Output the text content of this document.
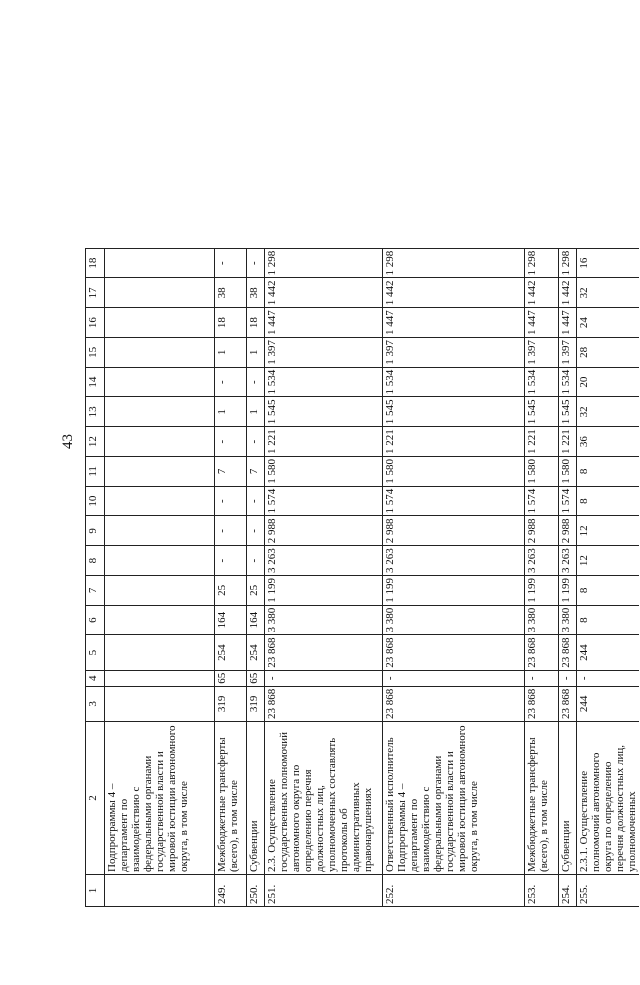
43
1	2	3	4	5	6	7	8	9	10	11	12	13	14	15	16	17	18
	Подпрограммы 4 – департамент по взаимодействию с федеральными органами государственной власти и мировой юстиции автономного округа, в том числе																
249.	Межбюджетные трансферты (всего), в том числе	319	65	254	164	25	-	-	-	7	-	1	-	1	18	38	-
250.	Субвенции	319	65	254	164	25	-	-	-	7	-	1	-	1	18	38	-
251.	2.3. Осуществление государственных полномочий автономного округа по определению перечня должностных лиц, уполномоченных составлять протоколы об административных правонарушениях	23 868	-	23 868	3 380	1 199	3 263	2 988	1 574	1 580	1 221	1 545	1 534	1 397	1 447	1 442	1 298
252.	Ответственный исполнитель Подпрограммы 4 – департамент по взаимодействию с федеральными органами государственной власти и мировой юстиции автономного округа, в том числе	23 868	-	23 868	3 380	1 199	3 263	2 988	1 574	1 580	1 221	1 545	1 534	1 397	1 447	1 442	1 298
253.	Межбюджетные трансферты (всего), в том числе	23 868	-	23 868	3 380	1 199	3 263	2 988	1 574	1 580	1 221	1 545	1 534	1 397	1 447	1 442	1 298
254.	Субвенции	23 868	-	23 868	3 380	1 199	3 263	2 988	1 574	1 580	1 221	1 545	1 534	1 397	1 447	1 442	1 298
255.	2.3.1. Осуществление полномочий автономного округа по определению перечня должностных лиц, уполномоченных	244	-	244	8	8	12	12	8	8	36	32	20	28	24	32	16
